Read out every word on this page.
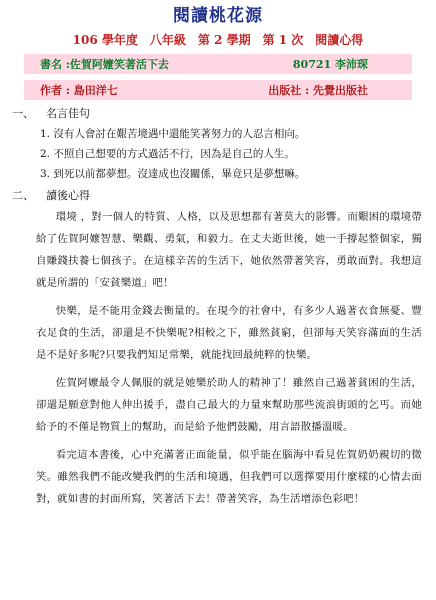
閱讀桃花源
106 學年度　八年級　第 2 學期　第 1 次　閱讀心得
書名 :佐賀阿嬤笑著活下去	80721 李沛琛
作者 : 島田洋七	出版社 : 先覺出版社
一、	名言佳句
1. 沒有人會討在艱苦境遇中還能笑著努力的人忍言相向。
2. 不照自己想要的方式過活不行，因為是自己的人生。
3. 到死以前都夢想。沒達成也沒關係，畢竟只是夢想嘛。
二、	讀後心得

環境 ，對一個人的特質、人格，以及思想都有著莫大的影響。而艱困的環境帶給了佐賀阿嬤智慧、樂觀、勇氣，和毅力。在丈夫逝世後，她一手撐起整個家，獨自賺錢扶養七個孩子。在這樣辛苦的生活下，她依然帶著笑容，勇敢面對。我想這就是所謂的「安貧樂道」吧！

快樂，是不能用金錢去衡量的。在現今的社會中，有多少人過著衣食無憂、豐衣足食的生活，卻還是不快樂呢?相較之下，雖然貧窮，但卻每天笑容滿面的生活是不是好多呢?只要我們知足常樂，就能找回最純粹的快樂。

佐賀阿嬤最令人佩服的就是她樂於助人的精神了！雖然自己過著貧困的生活，卻還是願意對他人伸出援手，盡自己最大的力量來幫助那些流浪街頭的乞丐。而她給予的不僅是物質上的幫助，而是給予他們鼓勵，用言語散播溫暖。

看完這本書後，心中充滿著正面能量，似乎能在腦海中看見佐賀奶奶親切的微笑。雖然我們不能改變我們的生活和境遇，但我們可以選擇要用什麼樣的心情去面對，就如書的封面所寫，笑著活下去！帶著笑容，為生活增添色彩吧！
